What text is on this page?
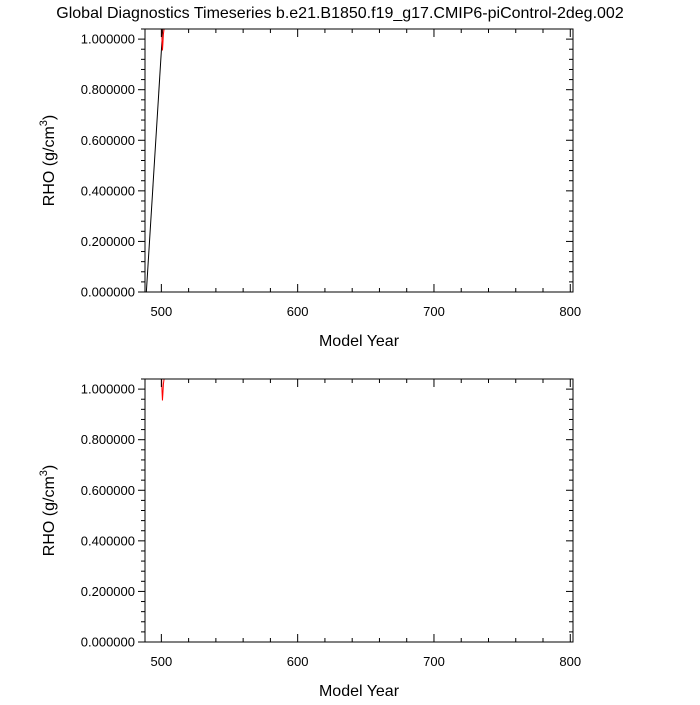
Global Diagnostics Timeseries b.e21.B1850.f19_g17.CMIP6-piControl-2deg.002
500	600	700	800
0.000000
0.200000
0.400000
0.600000
0.800000
1.000000
Model Year
RHO $(g/cm^3)$
500	600	700	800
0.000000
0.200000
0.400000
0.600000
0.800000
1.000000
Model Year
RHO $(g/cm^3)$
